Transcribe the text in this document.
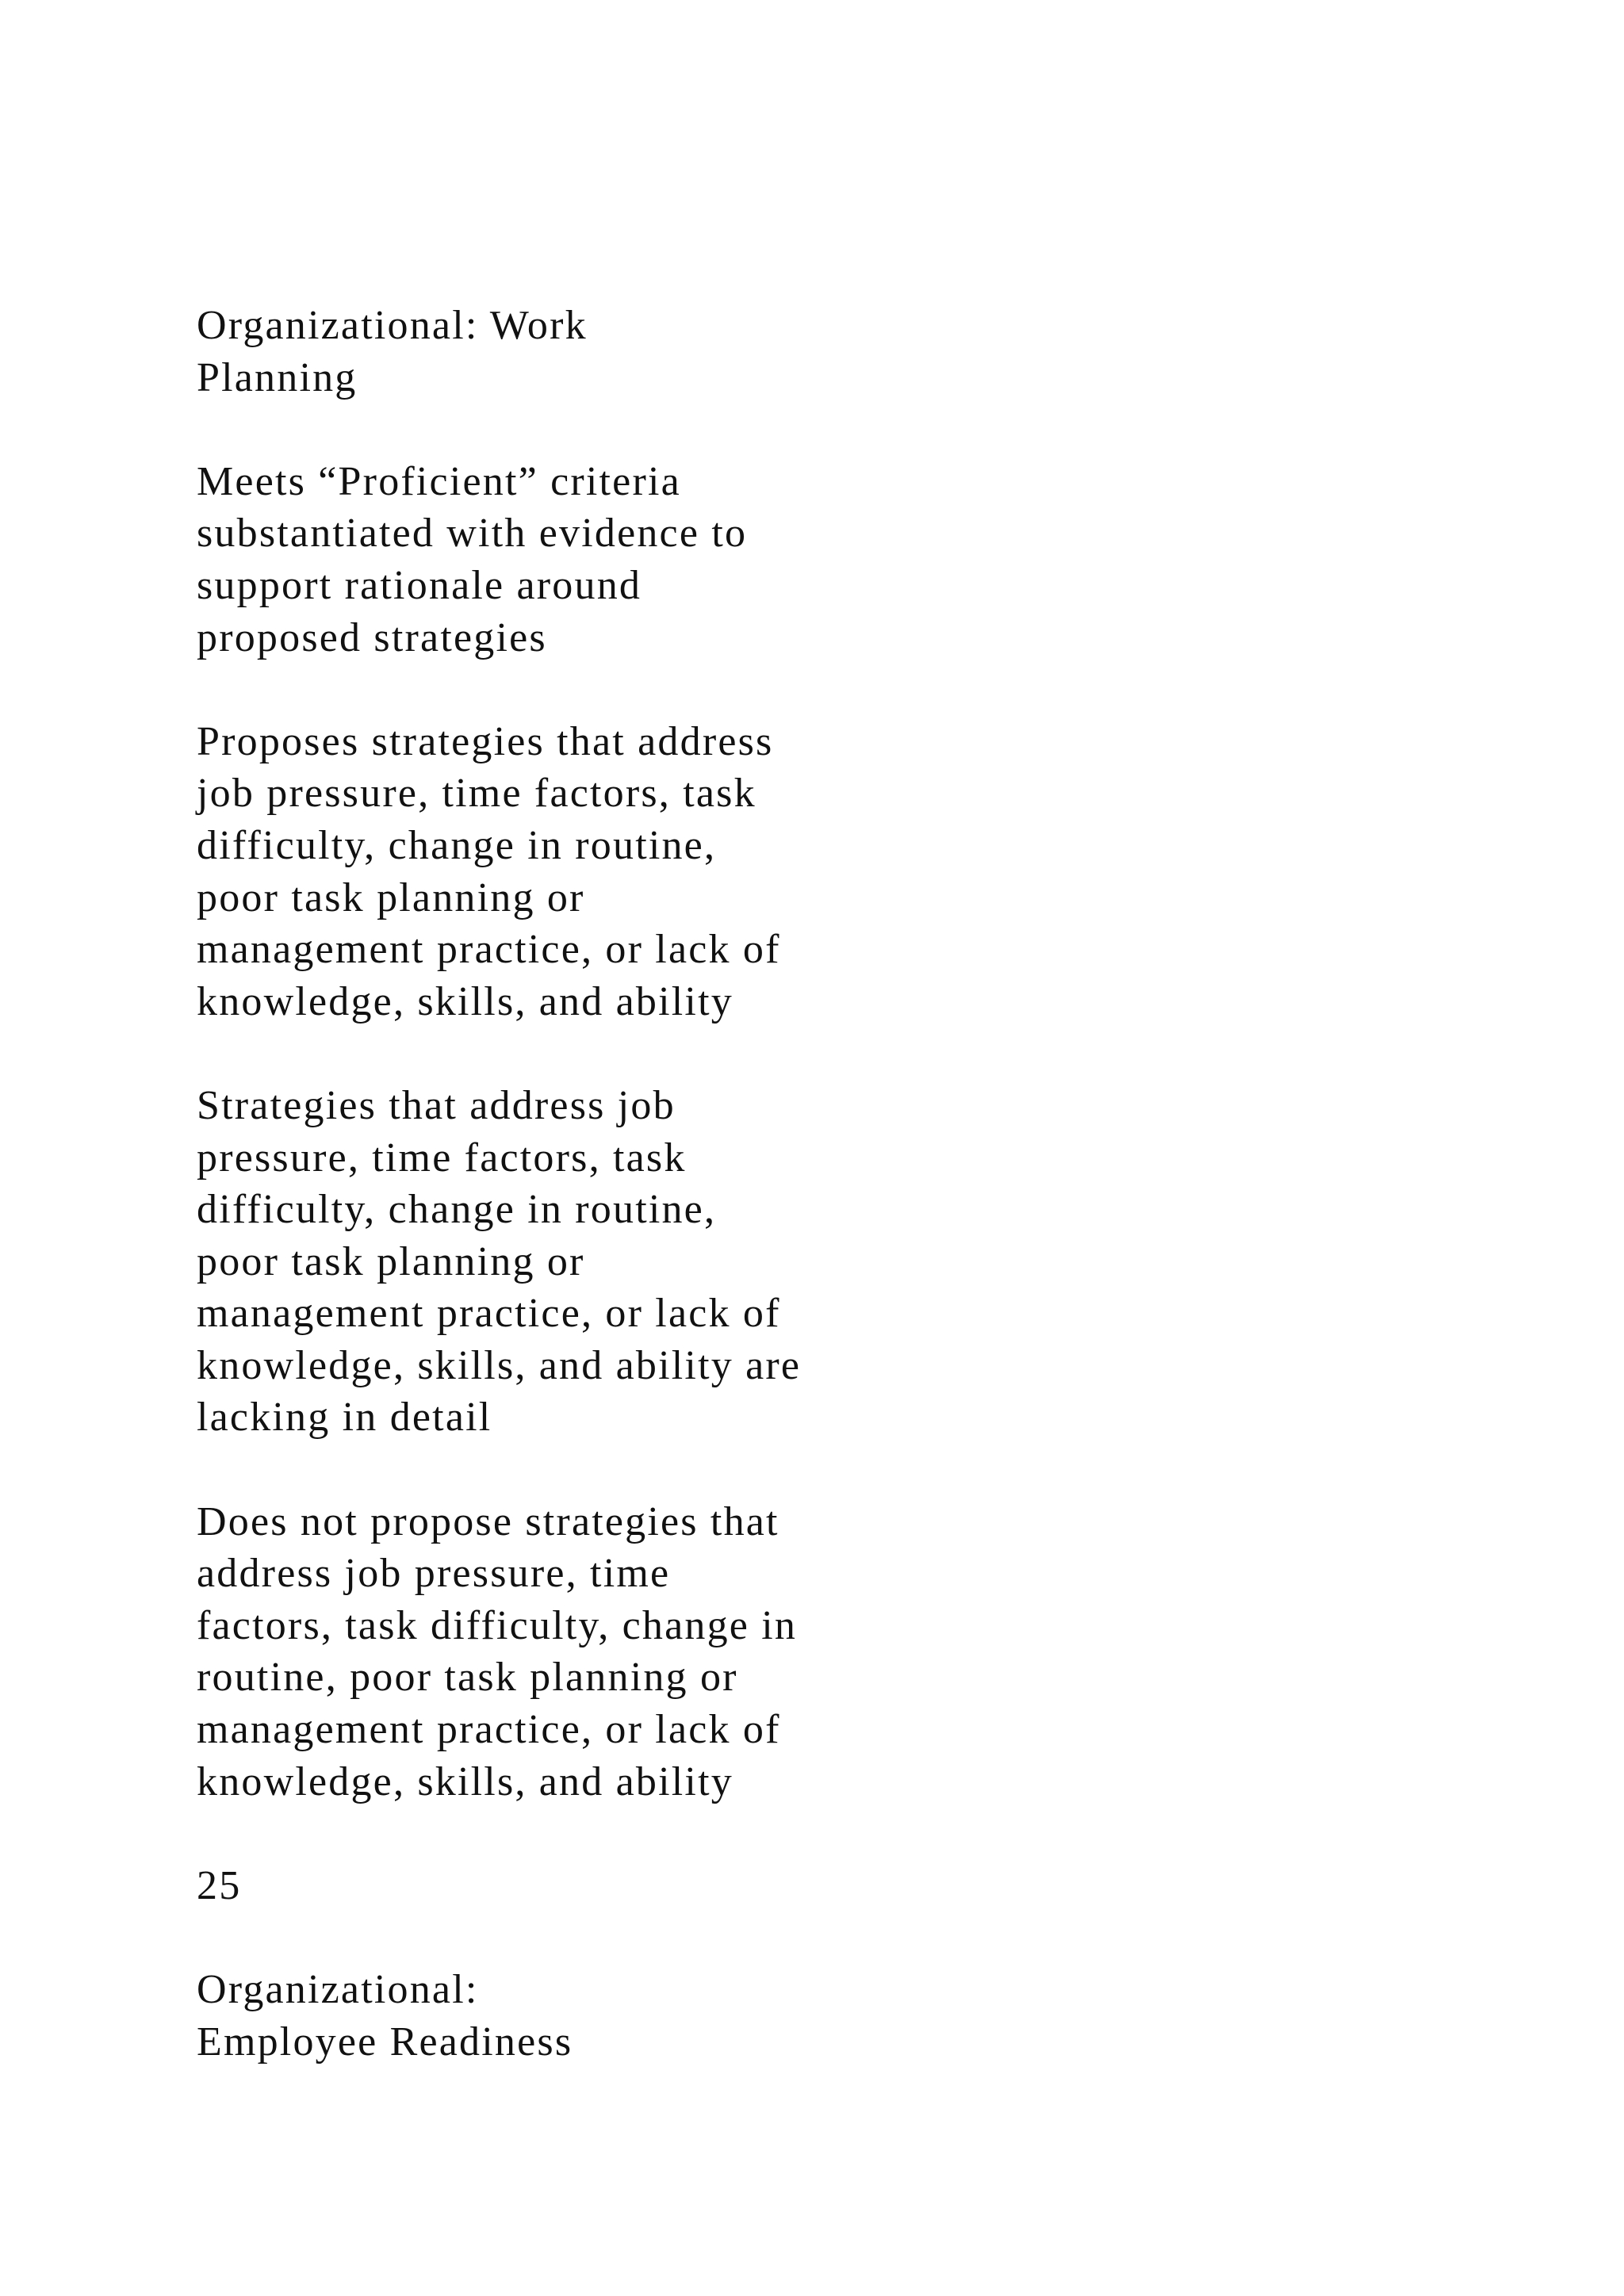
Organizational: Work
Planning
Meets “Proficient” criteria
substantiated with evidence to
support rationale around
proposed strategies
Proposes strategies that address
job pressure, time factors, task
difficulty, change in routine,
poor task planning or
management practice, or lack of
knowledge, skills, and ability
Strategies that address job
pressure, time factors, task
difficulty, change in routine,
poor task planning or
management practice, or lack of
knowledge, skills, and ability are
lacking in detail
Does not propose strategies that
address job pressure, time
factors, task difficulty, change in
routine, poor task planning or
management practice, or lack of
knowledge, skills, and ability
25
Organizational:
Employee Readiness
